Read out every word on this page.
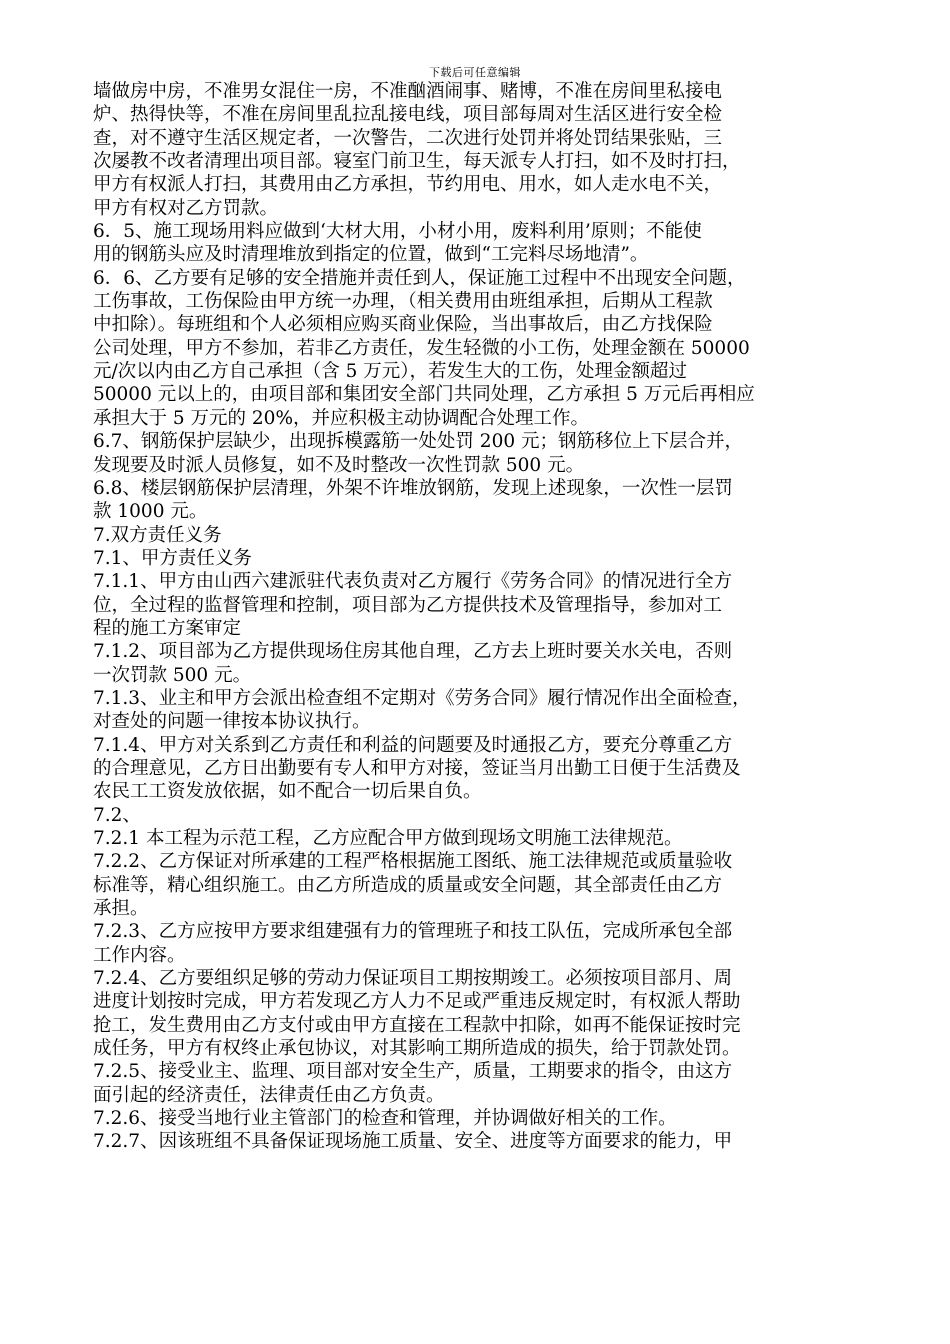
下载后可任意编辑
墙做房中房，不准男女混住一房，不准酗酒闹事、赌博，不准在房间里私接电
炉、热得快等，不准在房间里乱拉乱接电线，项目部每周对生活区进行安全检
查，对不遵守生活区规定者，一次警告，二次进行处罚并将处罚结果张贴，三
次屡教不改者清理出项目部。寝室门前卫生，每天派专人打扫，如不及时打扫，
甲方有权派人打扫，其费用由乙方承担，节约用电、用水，如人走水电不关，
甲方有权对乙方罚款。
6．5、施工现场用料应做到‘大材大用，小材小用，废料利用’原则；不能使
用的钢筋头应及时清理堆放到指定的位置，做到“工完料尽场地清”。
6．6、乙方要有足够的安全措施并责任到人，保证施工过程中不出现安全问题，
工伤事故，工伤保险由甲方统一办理，（相关费用由班组承担，后期从工程款
中扣除）。每班组和个人必须相应购买商业保险，当出事故后，由乙方找保险
公司处理，甲方不参加，若非乙方责任，发生轻微的小工伤，处理金额在 50000
元/次以内由乙方自己承担（含 5 万元），若发生大的工伤，处理金额超过
50000 元以上的，由项目部和集团安全部门共同处理，乙方承担 5 万元后再相应
承担大于 5 万元的 20%，并应积极主动协调配合处理工作。
6.7、钢筋保护层缺少，出现拆模露筋一处处罚 200 元；钢筋移位上下层合并，
发现要及时派人员修复，如不及时整改一次性罚款 500 元。
6.8、楼层钢筋保护层清理，外架不许堆放钢筋，发现上述现象，一次性一层罚
款 1000 元。
7.双方责任义务
7.1、甲方责任义务
7.1.1、甲方由山西六建派驻代表负责对乙方履行《劳务合同》的情况进行全方
位，全过程的监督管理和控制，项目部为乙方提供技术及管理指导，参加对工
程的施工方案审定
7.1.2、项目部为乙方提供现场住房其他自理，乙方去上班时要关水关电，否则
一次罚款 500 元。
7.1.3、业主和甲方会派出检查组不定期对《劳务合同》履行情况作出全面检查，
对查处的问题一律按本协议执行。
7.1.4、甲方对关系到乙方责任和利益的问题要及时通报乙方，要充分尊重乙方
的合理意见，乙方日出勤要有专人和甲方对接，签证当月出勤工日便于生活费及
农民工工资发放依据，如不配合一切后果自负。
7.2、
7.2.1 本工程为示范工程，乙方应配合甲方做到现场文明施工法律规范。
7.2.2、乙方保证对所承建的工程严格根据施工图纸、施工法律规范或质量验收
标准等，精心组织施工。由乙方所造成的质量或安全问题，其全部责任由乙方
承担。
7.2.3、乙方应按甲方要求组建强有力的管理班子和技工队伍，完成所承包全部
工作内容。
7.2.4、乙方要组织足够的劳动力保证项目工期按期竣工。必须按项目部月、周
进度计划按时完成，甲方若发现乙方人力不足或严重违反规定时，有权派人帮助
抢工，发生费用由乙方支付或由甲方直接在工程款中扣除，如再不能保证按时完
成任务，甲方有权终止承包协议，对其影响工期所造成的损失，给于罚款处罚。
7.2.5、接受业主、监理、项目部对安全生产，质量，工期要求的指令，由这方
面引起的经济责任，法律责任由乙方负责。
7.2.6、接受当地行业主管部门的检查和管理，并协调做好相关的工作。
7.2.7、因该班组不具备保证现场施工质量、安全、进度等方面要求的能力，甲
